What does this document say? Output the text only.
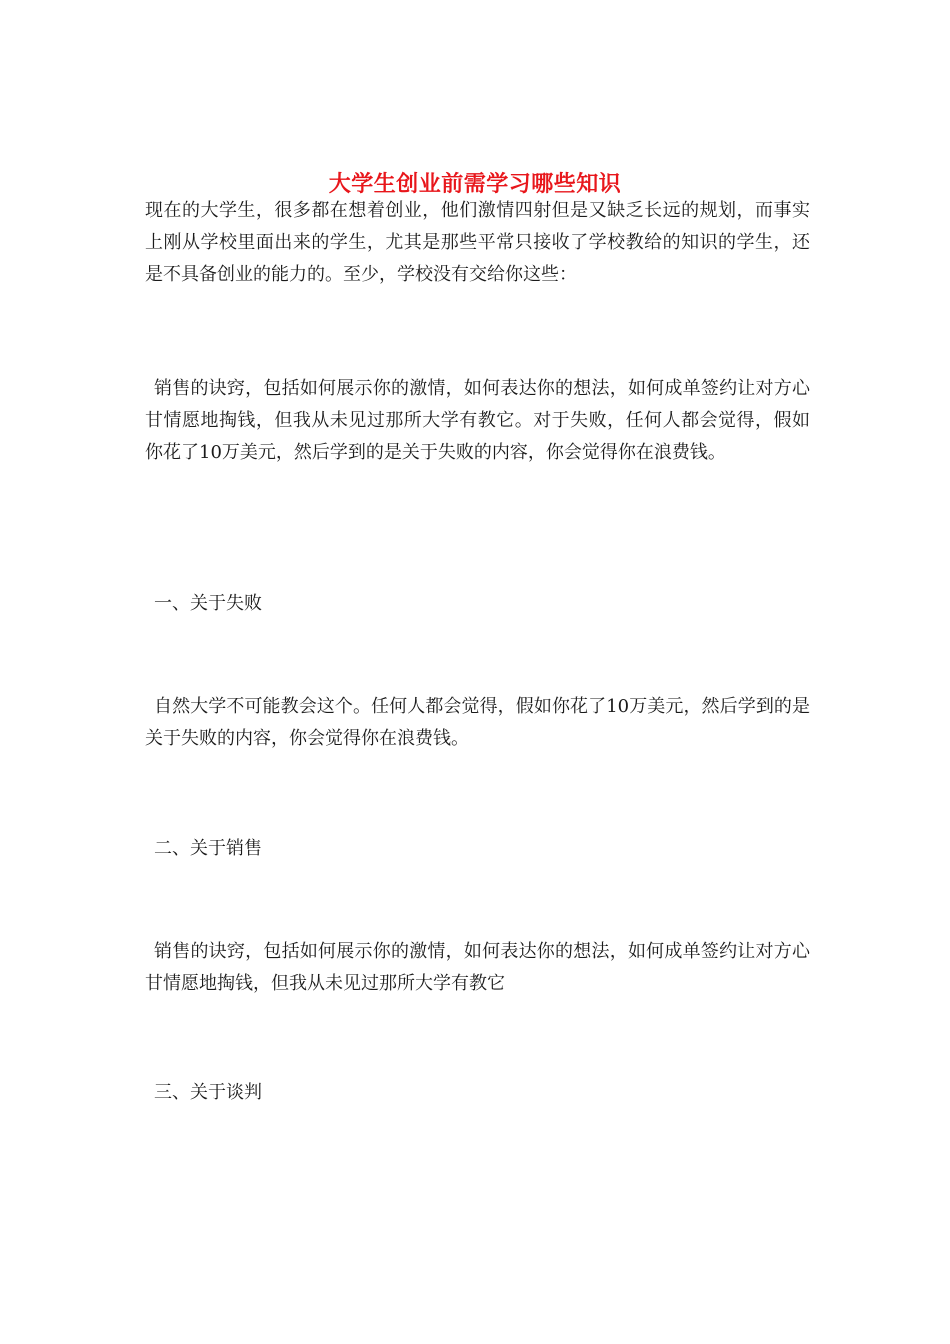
大学生创业前需学习哪些知识

现在的大学生，很多都在想着创业，他们激情四射但是又缺乏长远的规划，而事实上刚从学校里面出来的学生，尤其是那些平常只接收了学校教给的知识的学生，还是不具备创业的能力的。至少，学校没有交给你这些：

销售的诀窍，包括如何展示你的激情，如何表达你的想法，如何成单签约让对方心甘情愿地掏钱，但我从未见过那所大学有教它。对于失败，任何人都会觉得，假如你花了10万美元，然后学到的是关于失败的内容，你会觉得你在浪费钱。

一、关于失败

自然大学不可能教会这个。任何人都会觉得，假如你花了10万美元，然后学到的是关于失败的内容，你会觉得你在浪费钱。

二、关于销售

销售的诀窍，包括如何展示你的激情，如何表达你的想法，如何成单签约让对方心甘情愿地掏钱，但我从未见过那所大学有教它

三、关于谈判
